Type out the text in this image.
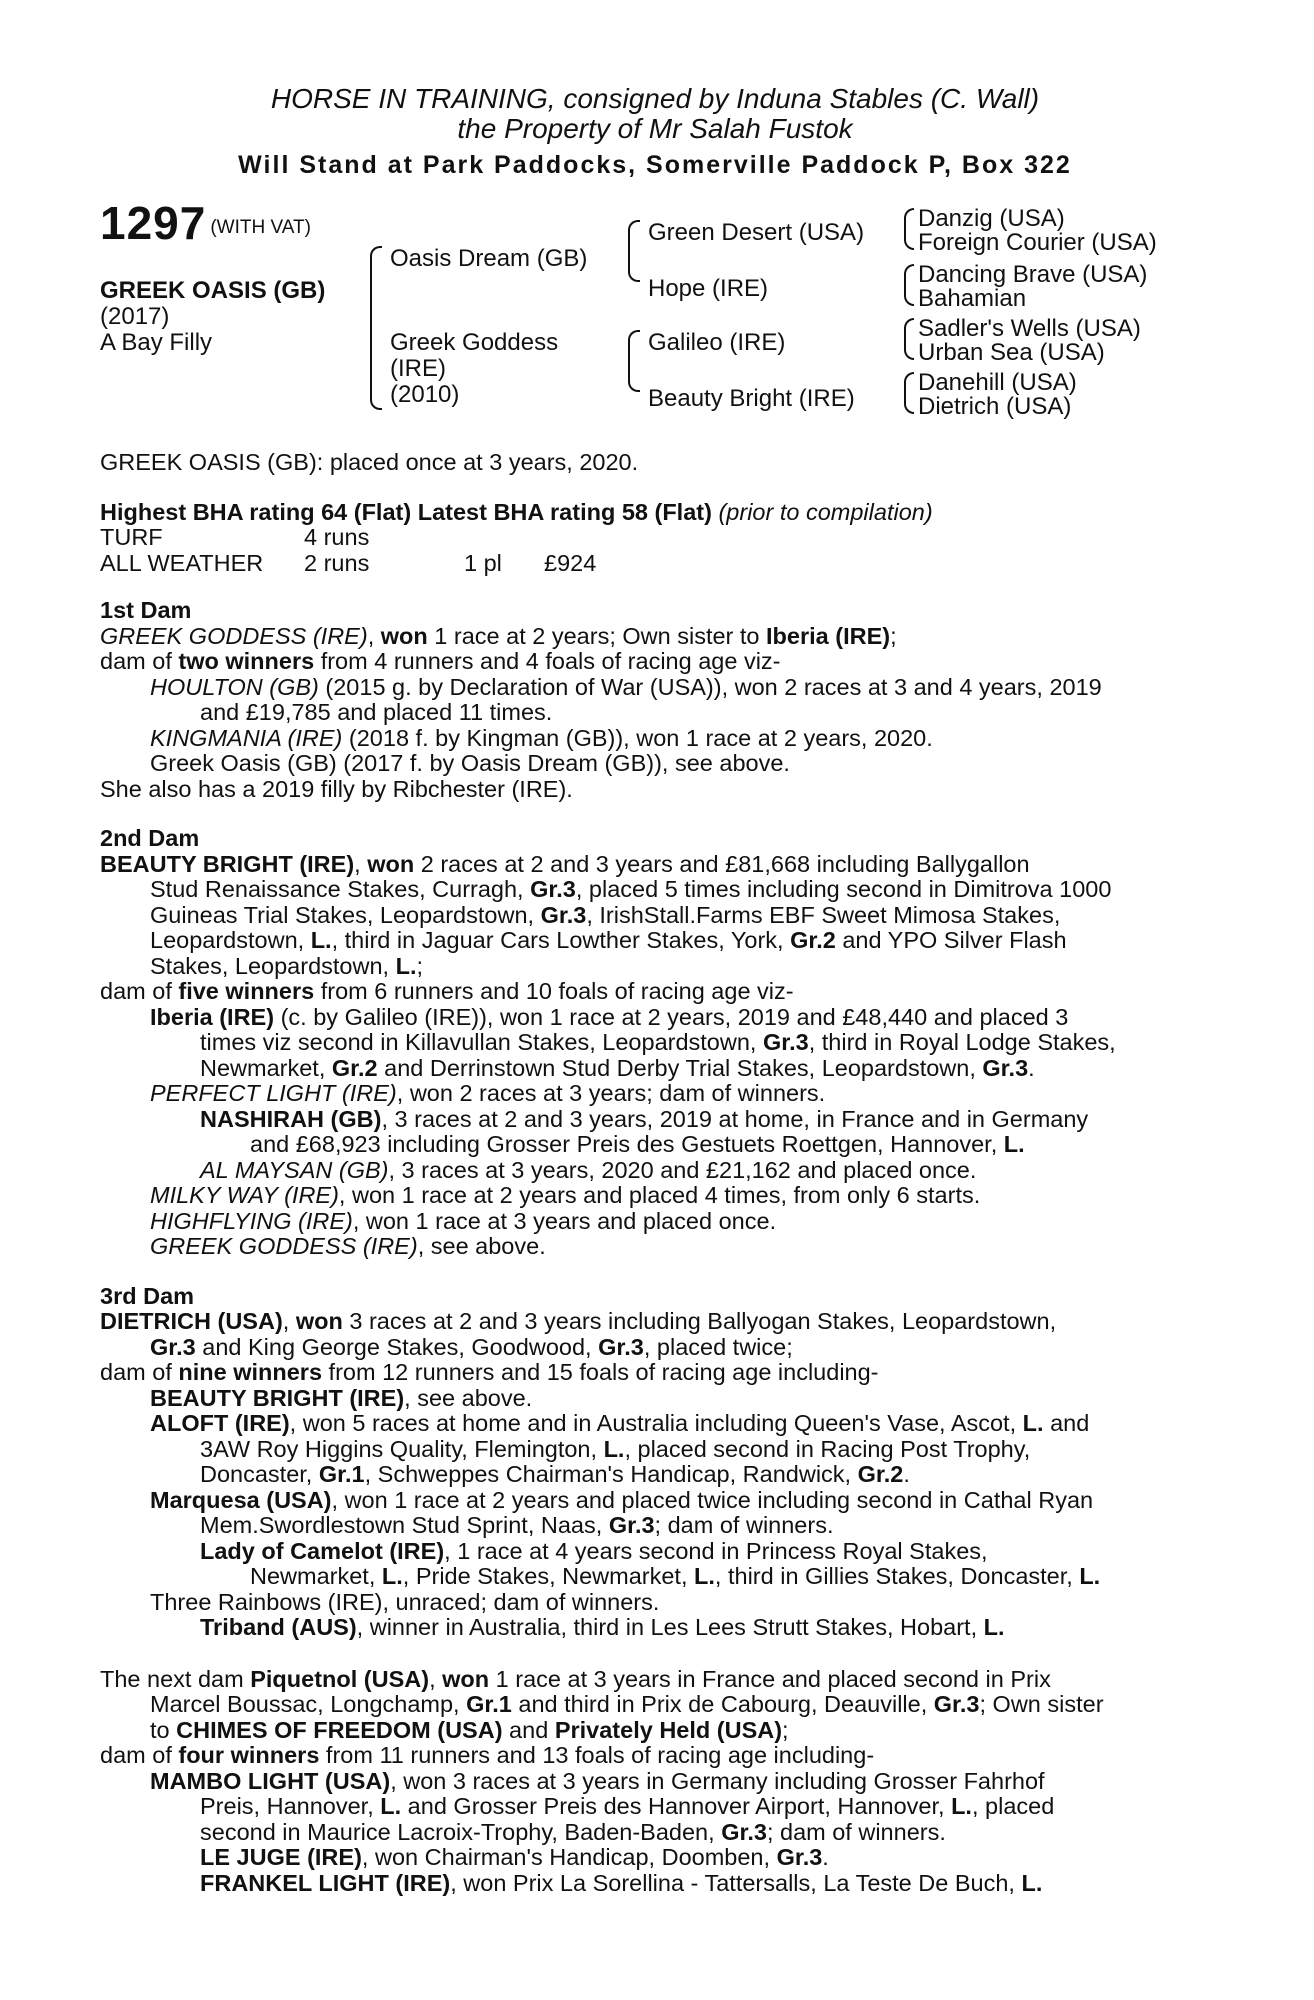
HORSE IN TRAINING, consigned by Induna Stables (C. Wall)
the Property of Mr Salah Fustok
Will Stand at Park Paddocks, Somerville Paddock P, Box 322
1297 (WITH VAT)
GREEK OASIS (GB)
(2017)
A Bay Filly
Oasis Dream (GB)
Greek Goddess
(IRE)
(2010)
Green Desert (USA)
Hope (IRE)
Galileo (IRE)
Beauty Bright (IRE)
Danzig (USA)
Foreign Courier (USA)
Dancing Brave (USA)
Bahamian
Sadler's Wells (USA)
Urban Sea (USA)
Danehill (USA)
Dietrich (USA)
GREEK OASIS (GB): placed once at 3 years, 2020.
Highest BHA rating 64 (Flat) Latest BHA rating 58 (Flat) (prior to compilation)
TURF	4 runs
ALL WEATHER 2 runs	1 pl £924
1st Dam
GREEK GODDESS (IRE), won 1 race at 2 years; Own sister to Iberia (IRE);
dam of two winners from 4 runners and 4 foals of racing age viz-
HOULTON (GB) (2015 g. by Declaration of War (USA)), won 2 races at 3 and 4 years, 2019
and £19,785 and placed 11 times.
KINGMANIA (IRE) (2018 f. by Kingman (GB)), won 1 race at 2 years, 2020.
Greek Oasis (GB) (2017 f. by Oasis Dream (GB)), see above.
She also has a 2019 filly by Ribchester (IRE).
2nd Dam
BEAUTY BRIGHT (IRE), won 2 races at 2 and 3 years and £81,668 including Ballygallon
Stud Renaissance Stakes, Curragh, Gr.3, placed 5 times including second in Dimitrova 1000
Guineas Trial Stakes, Leopardstown, Gr.3, IrishStall.Farms EBF Sweet Mimosa Stakes,
Leopardstown, L., third in Jaguar Cars Lowther Stakes, York, Gr.2 and YPO Silver Flash
Stakes, Leopardstown, L.;
dam of five winners from 6 runners and 10 foals of racing age viz-
Iberia (IRE) (c. by Galileo (IRE)), won 1 race at 2 years, 2019 and £48,440 and placed 3
times viz second in Killavullan Stakes, Leopardstown, Gr.3, third in Royal Lodge Stakes,
Newmarket, Gr.2 and Derrinstown Stud Derby Trial Stakes, Leopardstown, Gr.3.
PERFECT LIGHT (IRE), won 2 races at 3 years; dam of winners.
NASHIRAH (GB), 3 races at 2 and 3 years, 2019 at home, in France and in Germany
and £68,923 including Grosser Preis des Gestuets Roettgen, Hannover, L.
AL MAYSAN (GB), 3 races at 3 years, 2020 and £21,162 and placed once.
MILKY WAY (IRE), won 1 race at 2 years and placed 4 times, from only 6 starts.
HIGHFLYING (IRE), won 1 race at 3 years and placed once.
GREEK GODDESS (IRE), see above.
3rd Dam
DIETRICH (USA), won 3 races at 2 and 3 years including Ballyogan Stakes, Leopardstown,
Gr.3 and King George Stakes, Goodwood, Gr.3, placed twice;
dam of nine winners from 12 runners and 15 foals of racing age including-
BEAUTY BRIGHT (IRE), see above.
ALOFT (IRE), won 5 races at home and in Australia including Queen's Vase, Ascot, L. and
3AW Roy Higgins Quality, Flemington, L., placed second in Racing Post Trophy,
Doncaster, Gr.1, Schweppes Chairman's Handicap, Randwick, Gr.2.
Marquesa (USA), won 1 race at 2 years and placed twice including second in Cathal Ryan
Mem.Swordlestown Stud Sprint, Naas, Gr.3; dam of winners.
Lady of Camelot (IRE), 1 race at 4 years second in Princess Royal Stakes,
Newmarket, L., Pride Stakes, Newmarket, L., third in Gillies Stakes, Doncaster, L.
Three Rainbows (IRE), unraced; dam of winners.
Triband (AUS), winner in Australia, third in Les Lees Strutt Stakes, Hobart, L.
The next dam Piquetnol (USA), won 1 race at 3 years in France and placed second in Prix
Marcel Boussac, Longchamp, Gr.1 and third in Prix de Cabourg, Deauville, Gr.3; Own sister
to CHIMES OF FREEDOM (USA) and Privately Held (USA);
dam of four winners from 11 runners and 13 foals of racing age including-
MAMBO LIGHT (USA), won 3 races at 3 years in Germany including Grosser Fahrhof
Preis, Hannover, L. and Grosser Preis des Hannover Airport, Hannover, L., placed
second in Maurice Lacroix-Trophy, Baden-Baden, Gr.3; dam of winners.
LE JUGE (IRE), won Chairman's Handicap, Doomben, Gr.3.
FRANKEL LIGHT (IRE), won Prix La Sorellina - Tattersalls, La Teste De Buch, L.
